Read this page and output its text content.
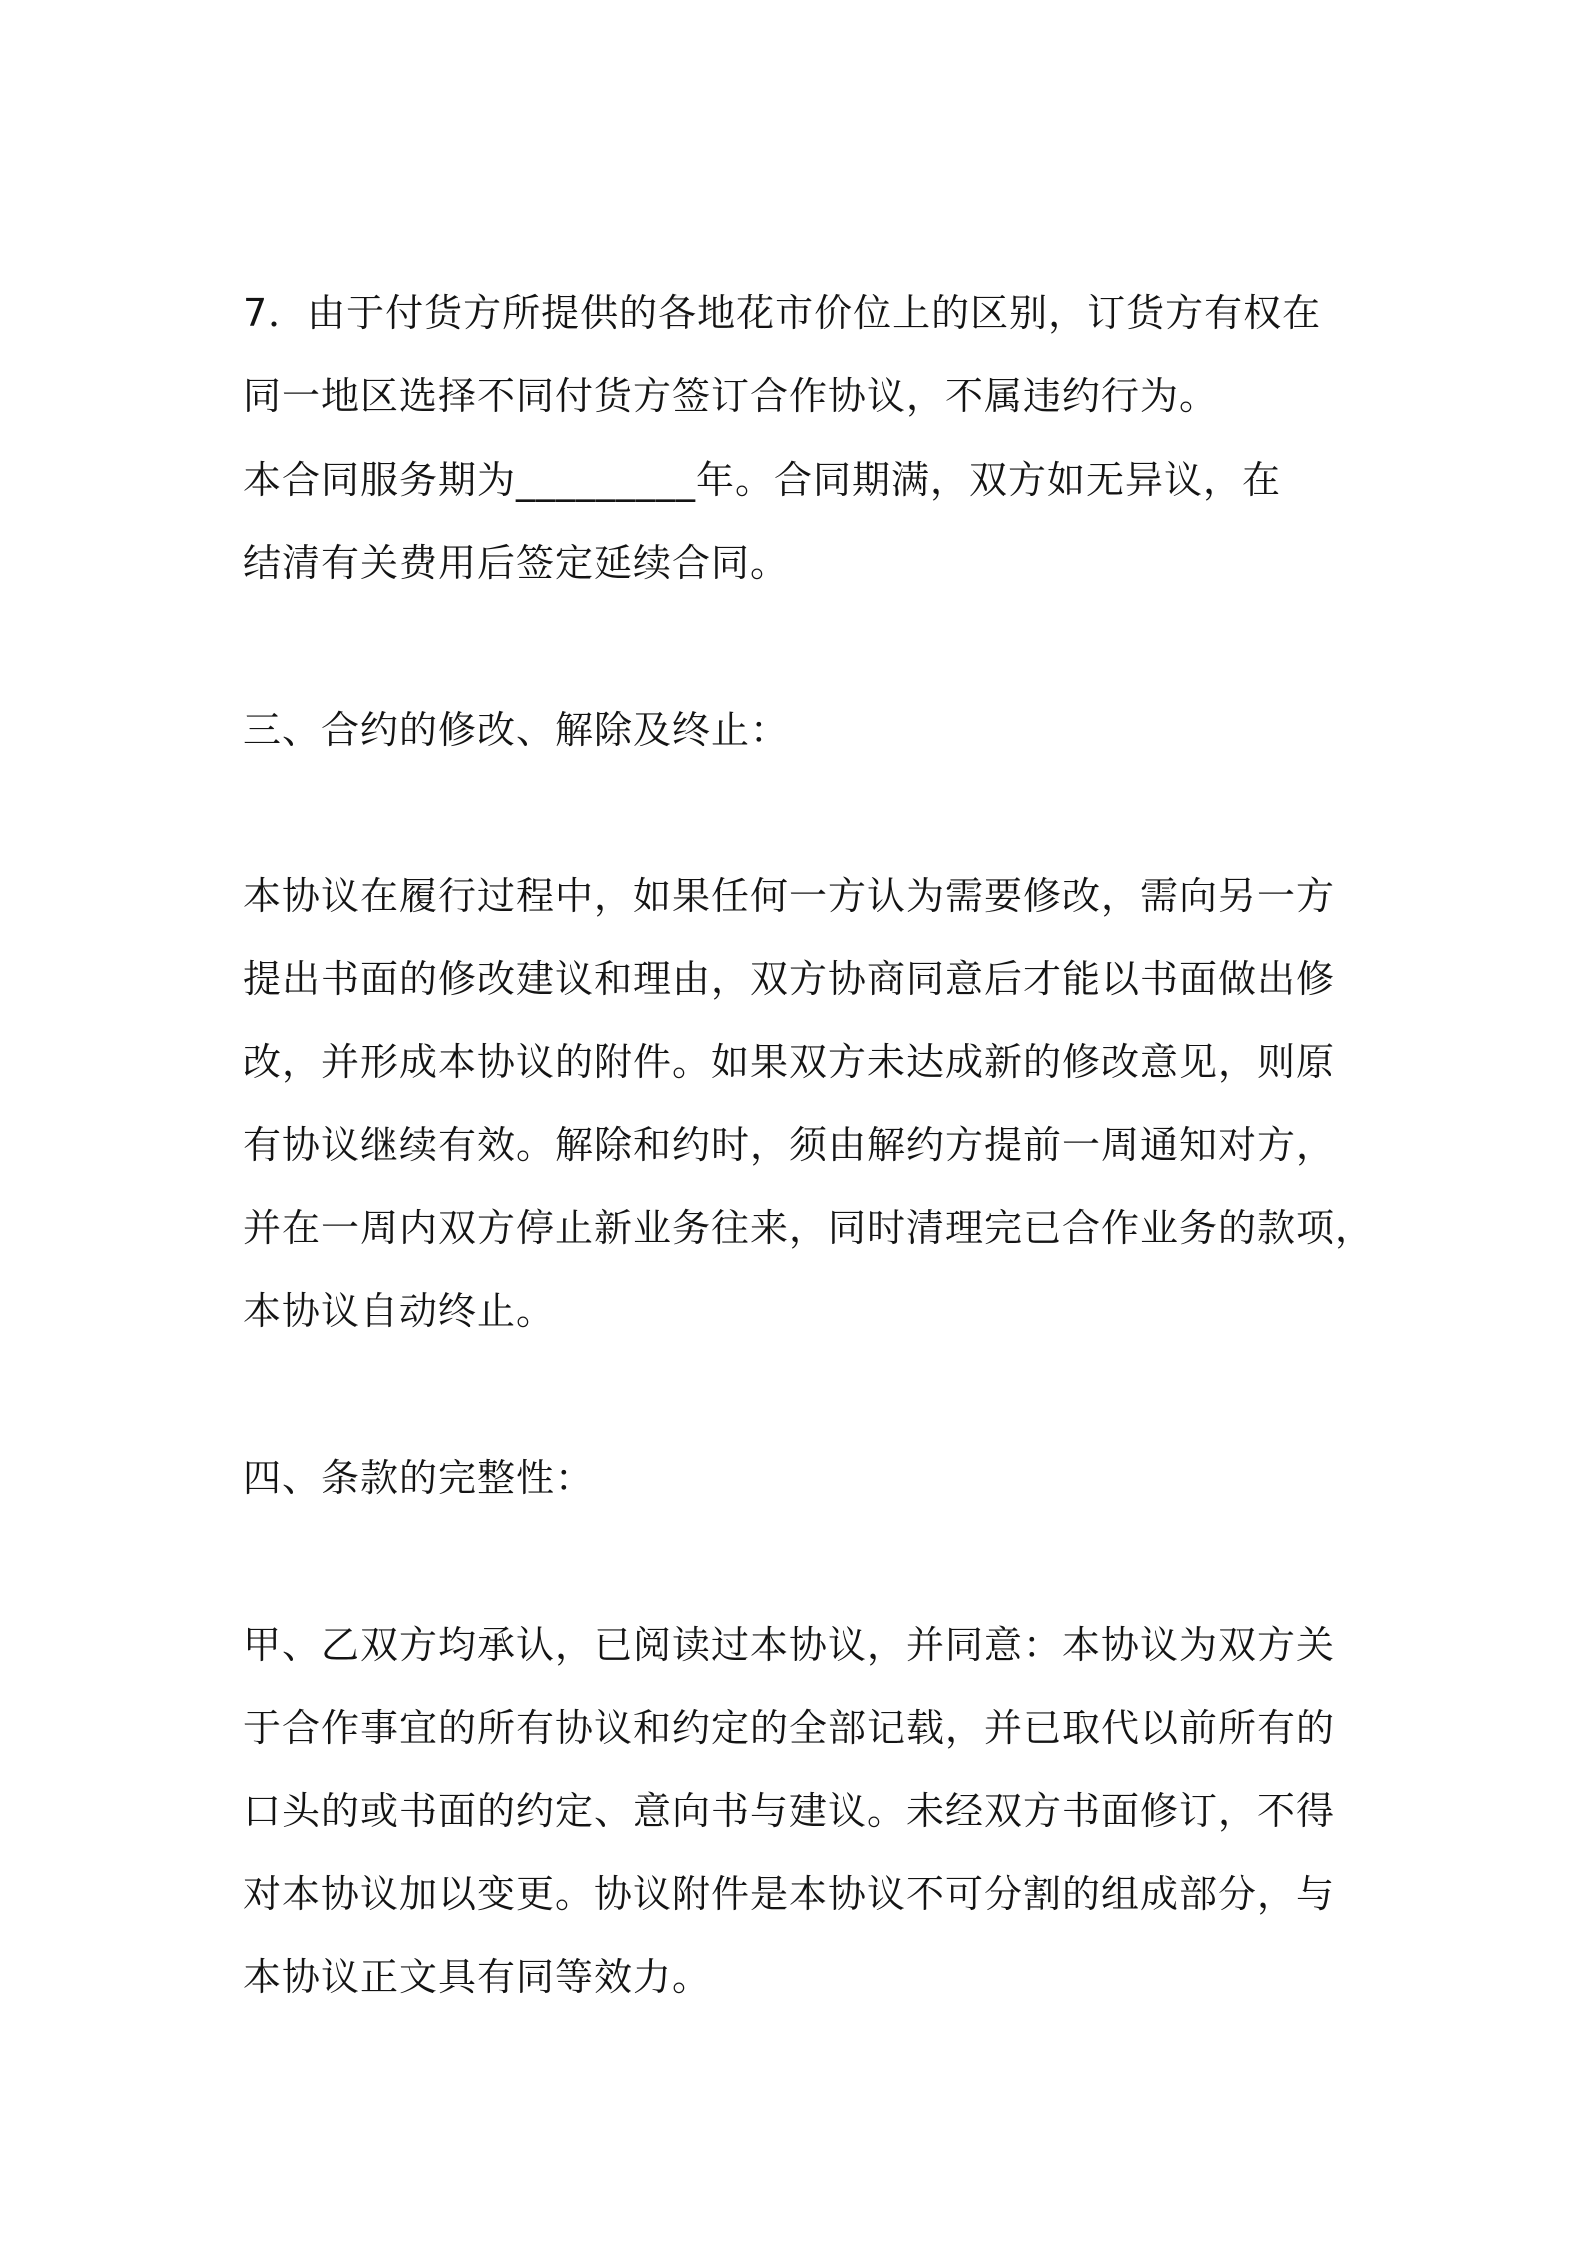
7．由于付货方所提供的各地花市价位上的区别，订货方有权在
同一地区选择不同付货方签订合作协议，不属违约行为。
本合同服务期为_________年。合同期满，双方如无异议，在
结清有关费用后签定延续合同。
三、合约的修改、解除及终止：
本协议在履行过程中，如果任何一方认为需要修改，需向另一方
提出书面的修改建议和理由，双方协商同意后才能以书面做出修
改，并形成本协议的附件。如果双方未达成新的修改意见，则原
有协议继续有效。解除和约时，须由解约方提前一周通知对方，
并在一周内双方停止新业务往来，同时清理完已合作业务的款项，
本协议自动终止。
四、条款的完整性：
甲、乙双方均承认，已阅读过本协议，并同意：本协议为双方关
于合作事宜的所有协议和约定的全部记载，并已取代以前所有的
口头的或书面的约定、意向书与建议。未经双方书面修订，不得
对本协议加以变更。协议附件是本协议不可分割的组成部分，与
本协议正文具有同等效力。
